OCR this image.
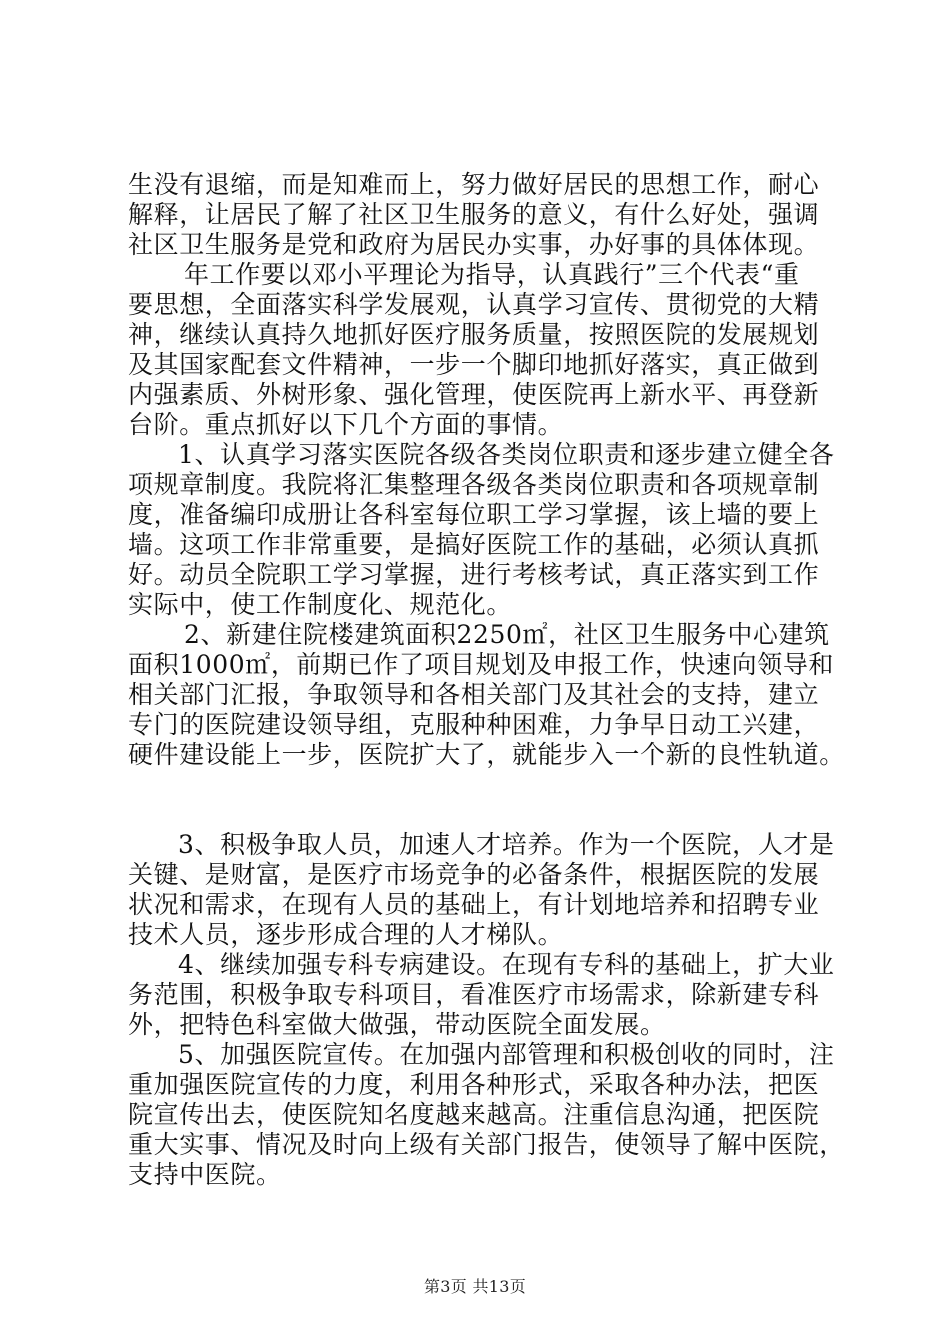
生没有退缩，而是知难而上，努力做好居民的思想工作，耐心
解释，让居民了解了社区卫生服务的意义，有什么好处，强调
社区卫生服务是党和政府为居民办实事，办好事的具体体现。
年工作要以邓小平理论为指导，认真践行”三个代表“重
要思想，全面落实科学发展观，认真学习宣传、贯彻党的大精
神，继续认真持久地抓好医疗服务质量，按照医院的发展规划
及其国家配套文件精神，一步一个脚印地抓好落实，真正做到
内强素质、外树形象、强化管理，使医院再上新水平、再登新
台阶。重点抓好以下几个方面的事情。
1、认真学习落实医院各级各类岗位职责和逐步建立健全各
项规章制度。我院将汇集整理各级各类岗位职责和各项规章制
度，准备编印成册让各科室每位职工学习掌握，该上墙的要上
墙。这项工作非常重要，是搞好医院工作的基础，必须认真抓
好。动员全院职工学习掌握，进行考核考试，真正落实到工作
实际中，使工作制度化、规范化。
2、新建住院楼建筑面积2250㎡，社区卫生服务中心建筑
面积1000㎡，前期已作了项目规划及申报工作，快速向领导和
相关部门汇报，争取领导和各相关部门及其社会的支持，建立
专门的医院建设领导组，克服种种困难，力争早日动工兴建，
硬件建设能上一步，医院扩大了，就能步入一个新的良性轨道。
3、积极争取人员，加速人才培养。作为一个医院，人才是
关键、是财富，是医疗市场竞争的必备条件，根据医院的发展
状况和需求，在现有人员的基础上，有计划地培养和招聘专业
技术人员，逐步形成合理的人才梯队。
4、继续加强专科专病建设。在现有专科的基础上，扩大业
务范围，积极争取专科项目，看准医疗市场需求，除新建专科
外，把特色科室做大做强，带动医院全面发展。
5、加强医院宣传。在加强内部管理和积极创收的同时，注
重加强医院宣传的力度，利用各种形式，采取各种办法，把医
院宣传出去，使医院知名度越来越高。注重信息沟通，把医院
重大实事、情况及时向上级有关部门报告，使领导了解中医院，
支持中医院。
第3页 共13页
